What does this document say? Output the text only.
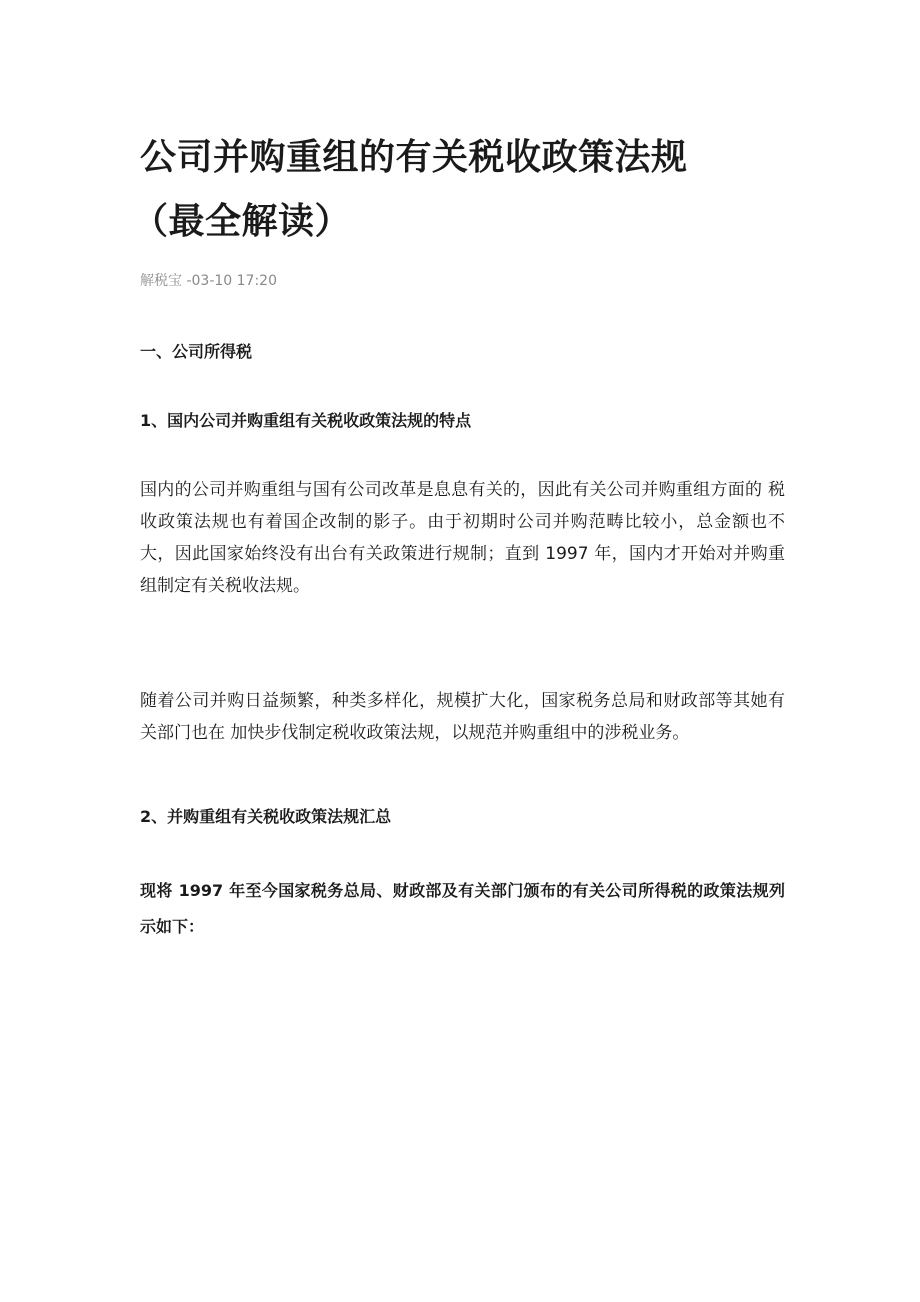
公司并购重组的有关税收政策法规
（最全解读）
解税宝 -03-10 17:20
一、公司所得税
1、国内公司并购重组有关税收政策法规的特点

国内的公司并购重组与国有公司改革是息息有关的，因此有关公司并购重组方面的 税收政策法规也有着国企改制的影子。由于初期时公司并购范畴比较小，总金额也不大，因此国家始终没有出台有关政策进行规制；直到 1997 年，国内才开始对并购重组制定有关税收法规。

随着公司并购日益频繁，种类多样化，规模扩大化，国家税务总局和财政部等其她有关部门也在 加快步伐制定税收政策法规，以规范并购重组中的涉税业务。

2、并购重组有关税收政策法规汇总

现将 1997 年至今国家税务总局、财政部及有关部门颁布的有关公司所得税的政策法规列示如下：
